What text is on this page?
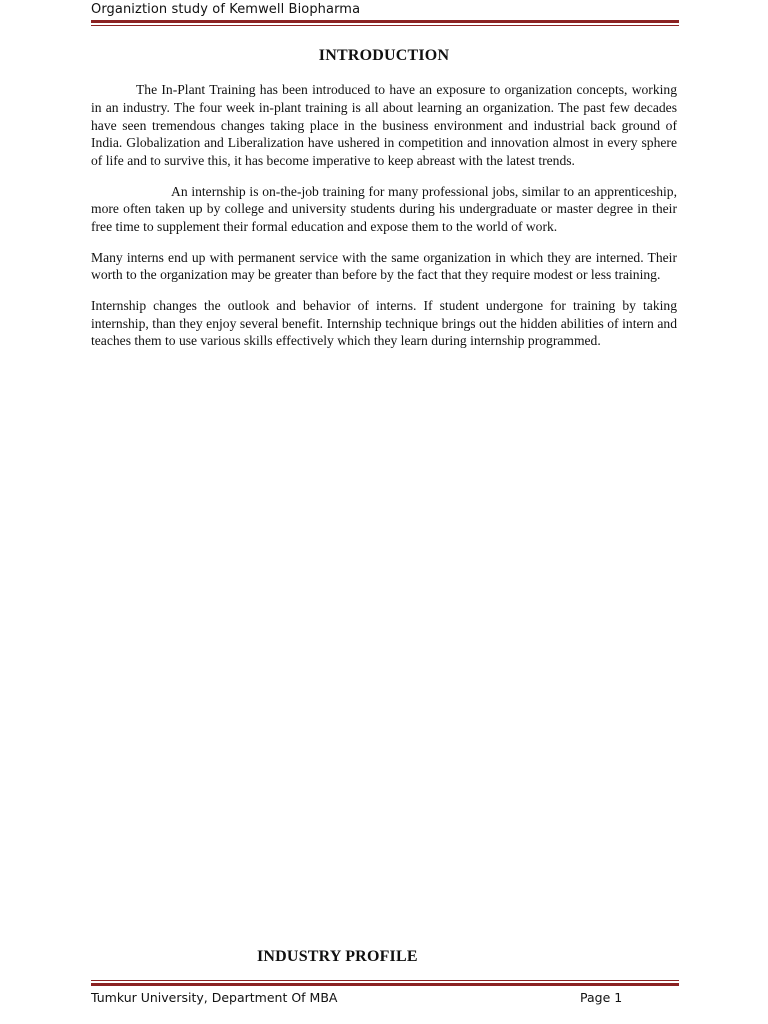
Organiztion study of Kemwell Biopharma
INTRODUCTION

The In-Plant Training has been introduced to have an exposure to organization concepts, working in an industry. The four week in-plant training is all about learning an organization. The past few decades have seen tremendous changes taking place in the business environment and industrial back ground of India. Globalization and Liberalization have ushered in competition and innovation almost in every sphere of life and to survive this, it has become imperative to keep abreast with the latest trends.

An internship is on-the-job training for many professional jobs, similar to an apprenticeship, more often taken up by college and university students during his undergraduate or master degree in their free time to supplement their formal education and expose them to the world of work.

Many interns end up with permanent service with the same organization in which they are interned. Their worth to the organization may be greater than before by the fact that they require modest or less training.

Internship changes the outlook and behavior of interns. If student undergone for training by taking internship, than they enjoy several benefit. Internship technique brings out the hidden abilities of intern and teaches them to use various skills effectively which they learn during internship programmed.

INDUSTRY PROFILE
Tumkur University, Department Of MBA	Page 1
